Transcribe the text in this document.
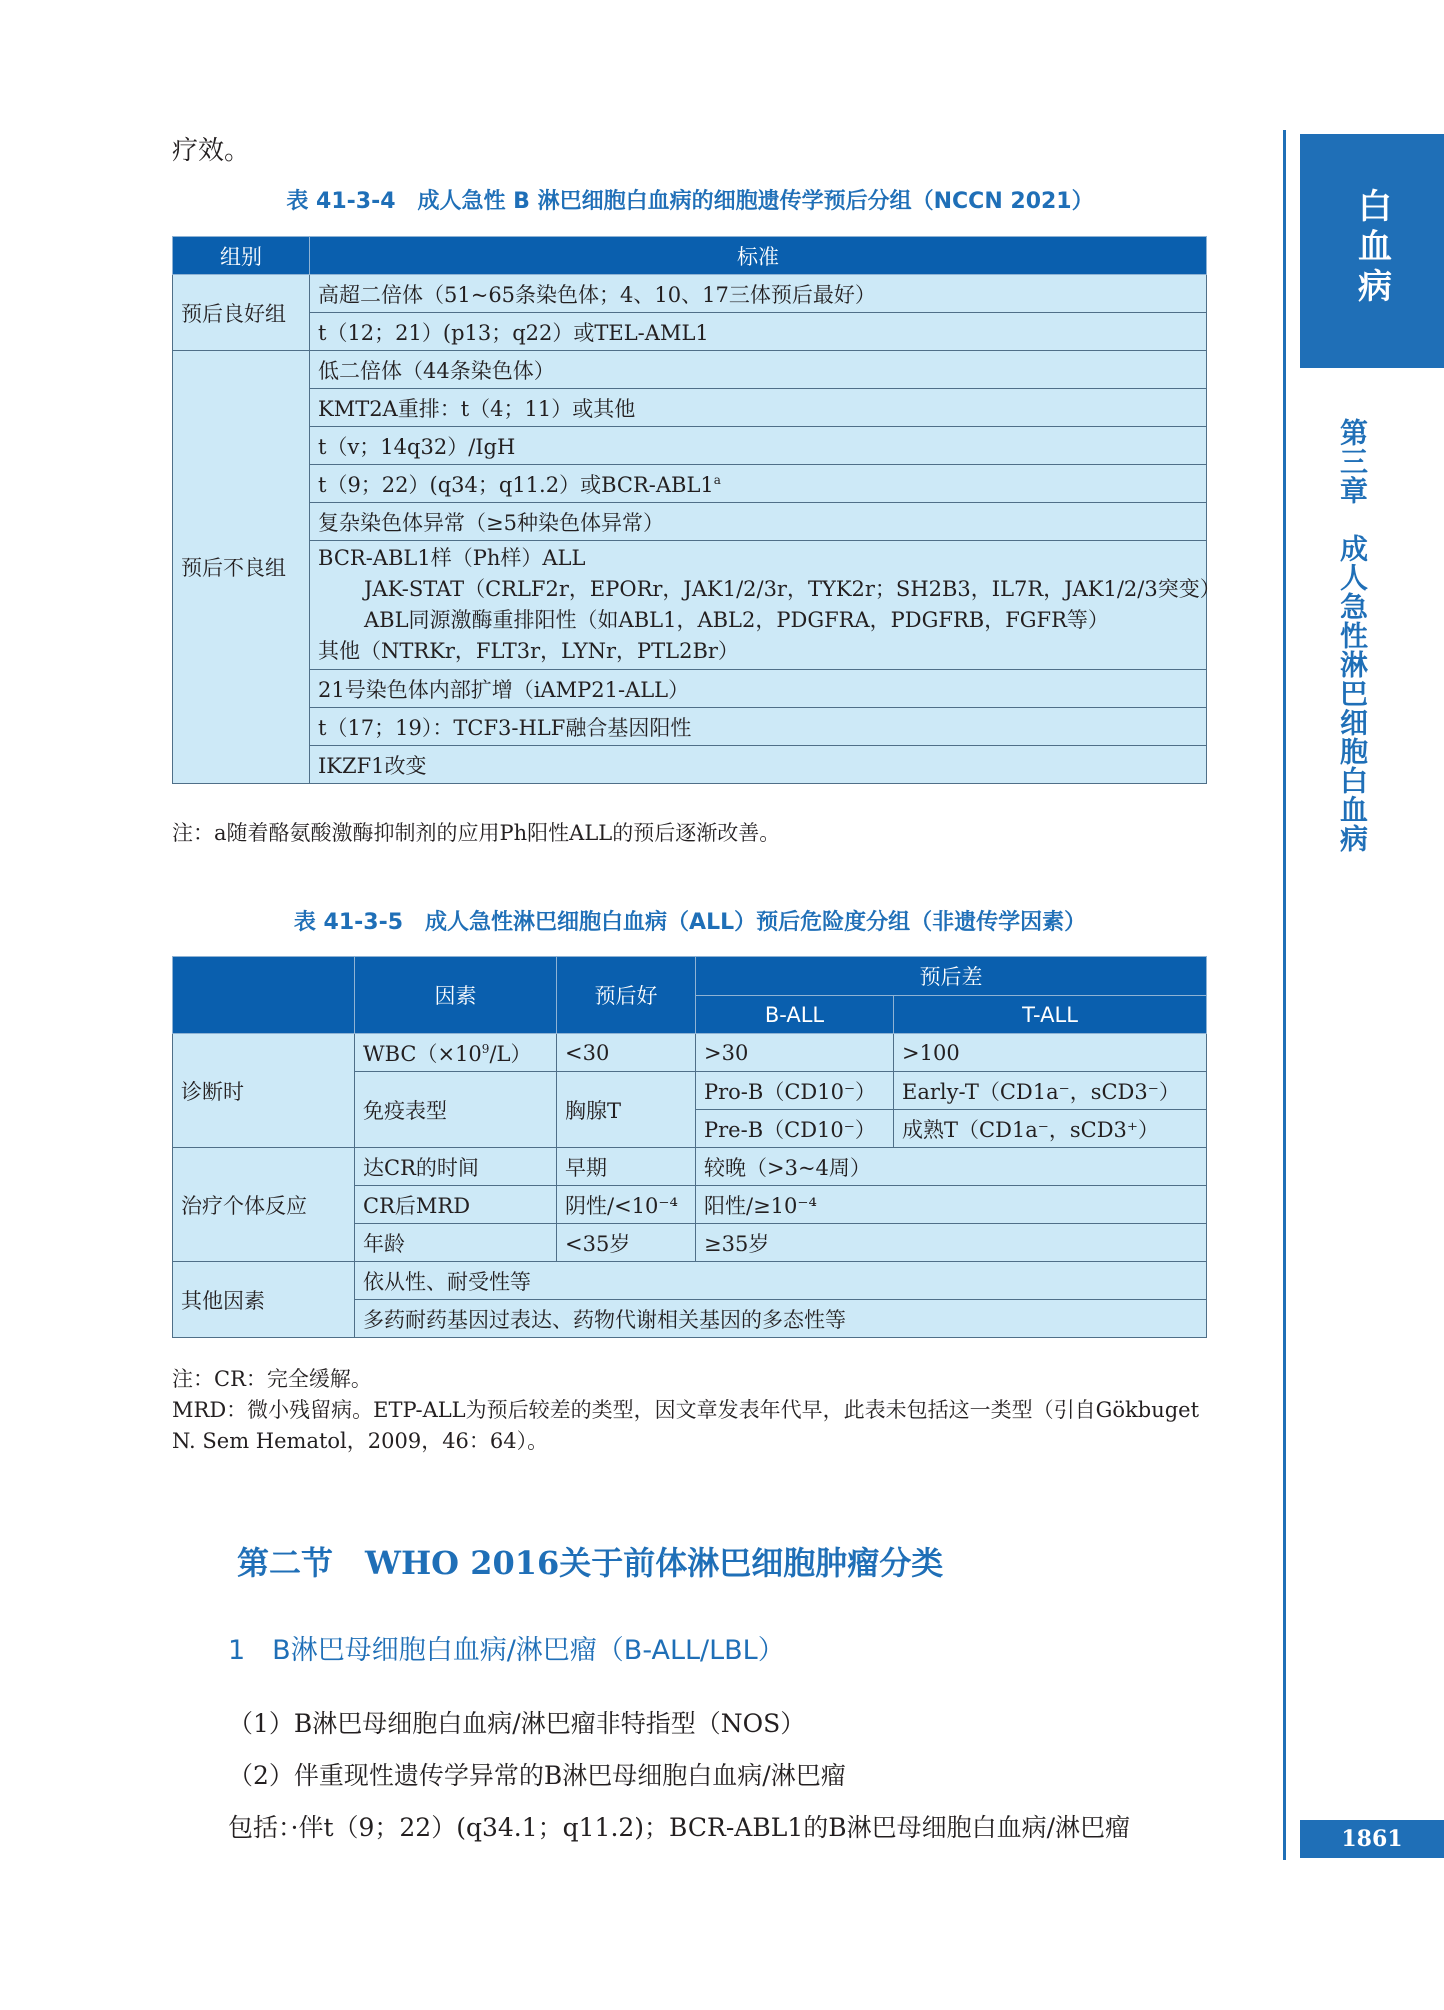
疗效。
表 41-3-4　成人急性 B 淋巴细胞白血病的细胞遗传学预后分组（NCCN 2021）
组别	标准
预后良好组	高超二倍体（51~65条染色体；4、10、17三体预后最好）
	t（12；21）(p13；q22）或TEL-AML1
预后不良组	低二倍体（44条染色体）
	KMT2A重排：t（4；11）或其他
	t（v；14q32）/IgH
	t（9；22）(q34；q11.2）或BCR-ABL1$^a$
	复杂染色体异常（≥5种染色体异常）

	BCR-ABL1样（Ph样）ALL
JAK-STAT（CRLF2r，EPORr，JAK1/2/3r，TYK2r；SH2B3，IL7R，JAK1/2/3突变）
ABL同源激酶重排阳性（如ABL1，ABL2，PDGFRA，PDGFRB，FGFR等）
其他（NTRKr，FLT3r，LYNr，PTL2Br）

	21号染色体内部扩增（iAMP21-ALL）
	t（17；19）：TCF3-HLF融合基因阳性
	IKZF1改变
注：a随着酪氨酸激酶抑制剂的应用Ph阳性ALL的预后逐渐改善。
表 41-3-5　成人急性淋巴细胞白血病（ALL）预后危险度分组（非遗传学因素）
	因素	预后好	预后差	
			B-ALL	T-ALL
诊断时	$WBC(\times 10^9/L)$	<30	>30	>100
	免疫表型	胸腺T	Pro-B（CD10⁻）	Early-T（CD1a⁻，sCD3⁻）
			Pre-B（CD10⁻）	成熟T（CD1a⁻，sCD3⁺）
治疗个体反应	达CR的时间	早期	较晚（>3~4周）	
	CR后MRD	阴性/<10⁻⁴	阳性/≥10⁻⁴	
	年龄	<35岁	≥35岁	
其他因素	依从性、耐受性等			
	多药耐药基因过表达、药物代谢相关基因的多态性等			
注：CR：完全缓解。
MRD：微小残留病。ETP-ALL为预后较差的类型，因文章发表年代早，此表未包括这一类型（引自Gökbuget N. Sem Hematol，2009，46：64）。
第二节　WHO 2016关于前体淋巴细胞肿瘤分类
1　B淋巴母细胞白血病/淋巴瘤（B-ALL/LBL）
（1）B淋巴母细胞白血病/淋巴瘤非特指型（NOS）
（2）伴重现性遗传学异常的B淋巴母细胞白血病/淋巴瘤
包括：·伴t（9；22）(q34.1；q11.2)；BCR-ABL1的B淋巴母细胞白血病/淋巴瘤
白血病
第三章　成人急性淋巴细胞白血病
1861
